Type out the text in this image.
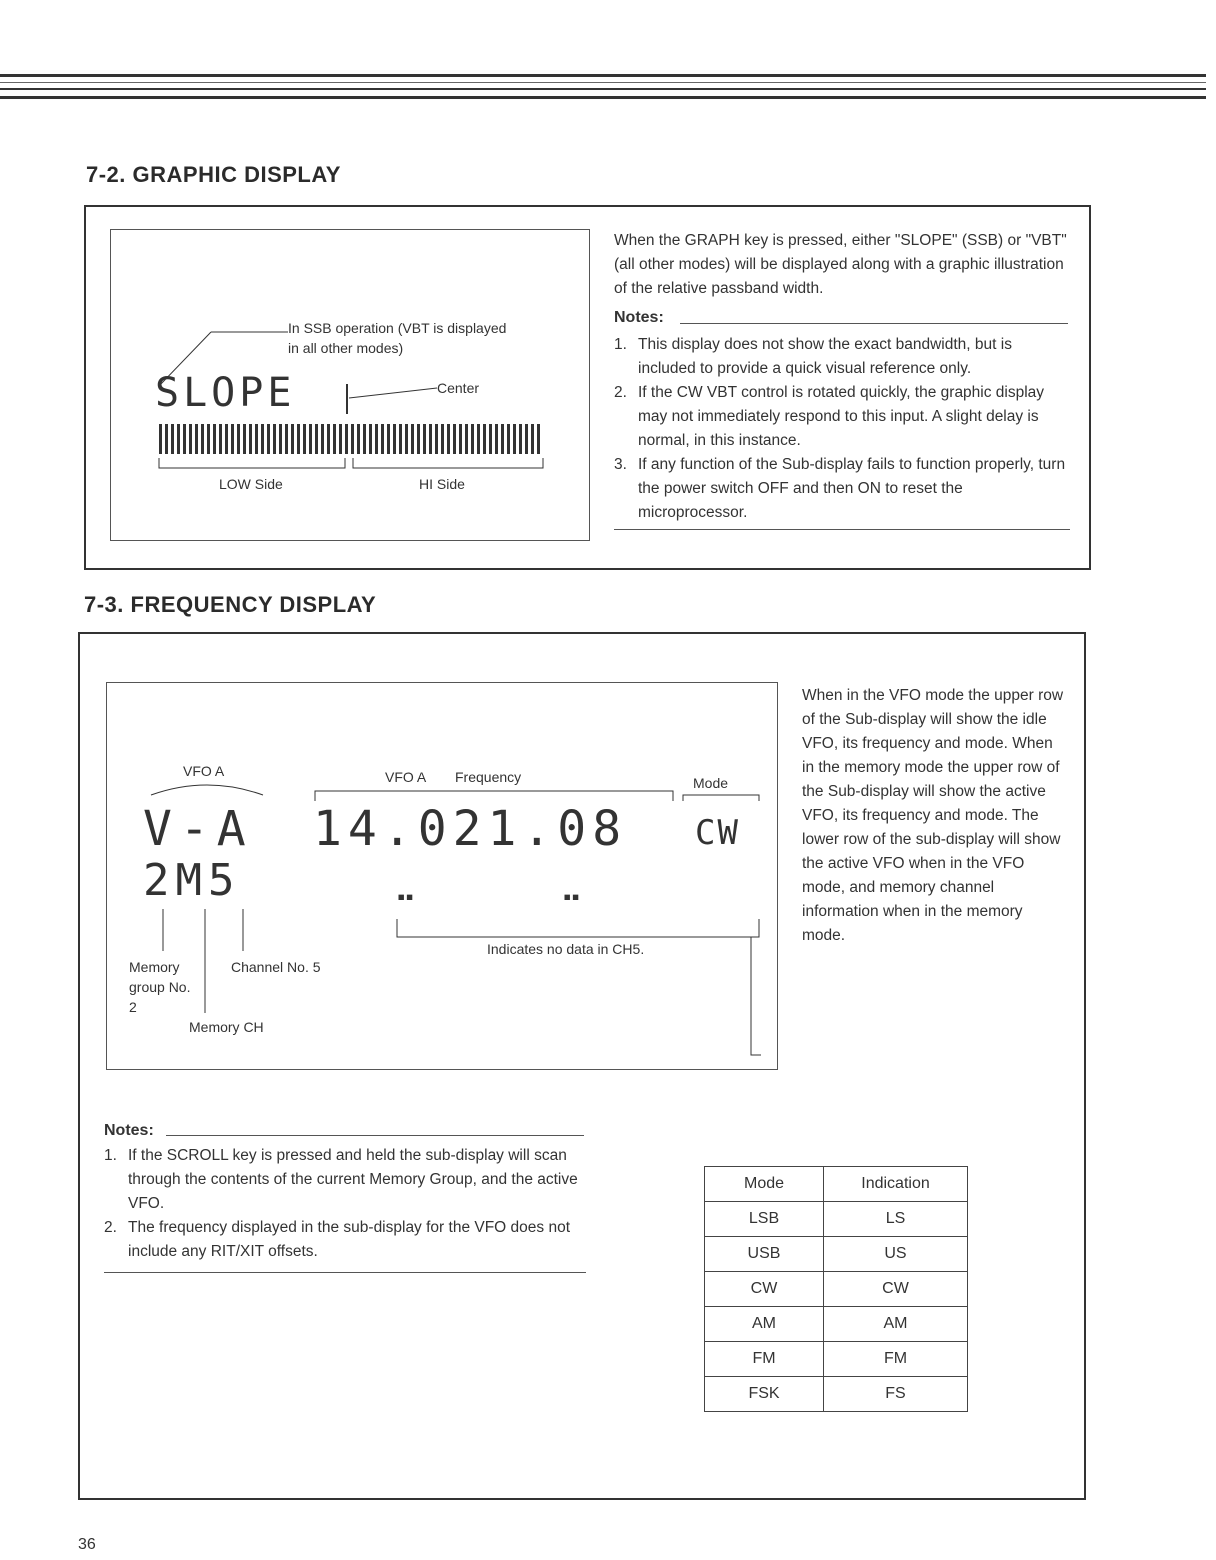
7-2. GRAPHIC DISPLAY
In SSB operation (VBT is displayed in all other modes)
SLOPE	Center
LOW Side	HI Side
When the GRAPH key is pressed, either "SLOPE" (SSB) or "VBT" (all other modes) will be displayed along with a graphic illustration of the relative passband width.
Notes:
1. This display does not show the exact bandwidth, but is included to provide a quick visual reference only.
2. If the CW VBT control is rotated quickly, the graphic display may not immediately respond to this input. A slight delay is normal, in this instance.
3. If any function of the Sub-display fails to function properly, turn the power switch OFF and then ON to reset the microprocessor.
7-3. FREQUENCY DISPLAY
VFO A	VFO A Frequency	Mode
V-A 14.021.08 CW
2M5	▪▪	▪▪
Indicates no data in CH5.
Memory group No. 2
Channel No. 5
Memory CH
When in the VFO mode the upper row of the Sub-display will show the idle VFO, its frequency and mode. When in the memory mode the upper row of the Sub-display will show the active VFO, its frequency and mode. The lower row of the sub-display will show the active VFO when in the VFO mode, and memory channel information when in the memory mode.
Notes:
1. If the SCROLL key is pressed and held the sub-display will scan through the contents of the current Memory Group, and the active VFO.
2. The frequency displayed in the sub-display for the VFO does not include any RIT/XIT offsets.
Mode	Indication
LSB	LS
USB	US
CW	CW
AM	AM
FM	FM
FSK	FS
36
